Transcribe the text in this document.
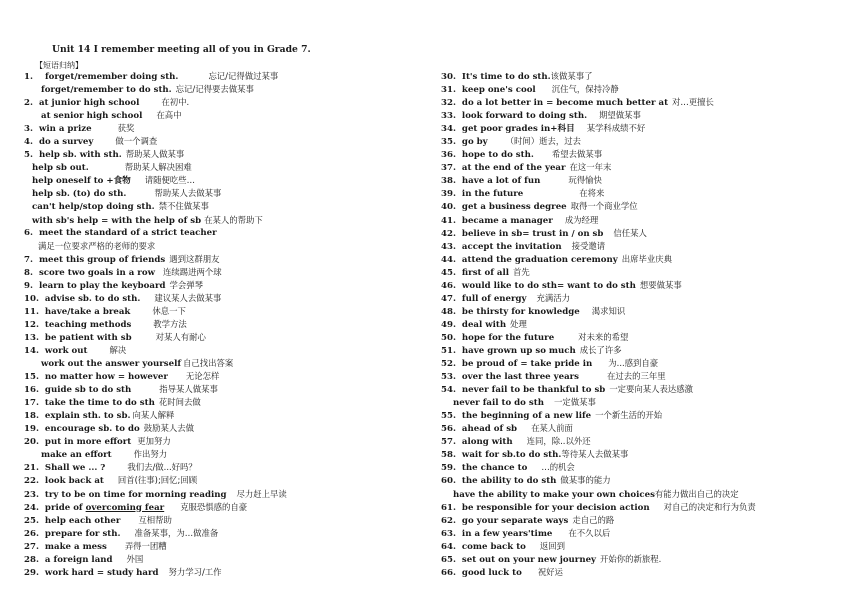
Unit 14 I remember meeting all of you in Grade 7.
【短语归纳】
1.    forget/remember doing sth.	忘记/记得做过某事
forget/remember to do sth. 忘记/记得要去做某事
2.  at junior high school	在初中.
at senior high school 在高中
3.  win a prize	获奖
4.  do a survey	做一个调查
5.  help sb. with sth. 帮助某人做某事
help sb out.	帮助某人解决困难
help oneself to +食物 请随便吃些…
help sb. (to) do sth.	帮助某人去做某事
can't help/stop doing sth. 禁不住做某事
with sb's help = with the help of sb 在某人的帮助下
6.  meet the standard of a strict teacher
满足一位要求严格的老师的要求
7.  meet this group of friends 遇到这群朋友
8.  score two goals in a row 连续踢进两个球
9.  learn to play the keyboard 学会弹琴
10.  advise sb. to do sth. 建议某人去做某事
11.  have/take a break	休息一下
12.  teaching methods	教学方法
13.  be patient with sb	对某人有耐心
14.  work out	解决
work out the answer yourself 自己找出答案
15.  no matter how = however 无论怎样
16.  guide sb to do sth	指导某人做某事
17.  take the time to do sth 花时间去做
18.  explain sth. to sb. 向某人解释
19.  encourage sb. to do 鼓励某人去做
20.  put in more effort 更加努力
make an effort	作出努力
21.  Shall we ... ?	我们去/做...好吗？
22.  look back at 回首(往事);回忆;回顾
23.  try to be on time for morning reading 尽力赶上早读
24.  pride of overcoming fear 克服恐惧感的自豪
25.  help each other 互相帮助
26.  prepare for sth. 准备某事，为…做准备
27.  make a mess 弄得一团糟
28.  a foreign land 外国
29.  work hard = study hard 努力学习/工作
30.  It's time to do sth.该做某事了
31.  keep one's cool 沉住气，保持冷静
32.  do a lot better in = become much better at 对…更擅长
33.  look forward to doing sth. 期望做某事
34.  get poor grades in+科目 某学科成绩不好
35.  go by （时间）逝去，过去
36.  hope to do sth. 希望去做某事
37.  at the end of the year 在这一年末
38.  have a lot of fun	玩得愉快
39.  in the future	在将来
40.  get a business degree 取得一个商业学位
41.  became a manager 成为经理
42.  believe in sb= trust in / on sb 信任某人
43.  accept the invitation 接受邀请
44.  attend the graduation ceremony 出席毕业庆典
45.  first of all 首先
46.  would like to do sth= want to do sth 想要做某事
47.  full of energy 充满活力
48.  be thirsty for knowledge 渴求知识
49.  deal with 处理
50.  hope for the future	对未来的希望
51.  have grown up so much 成长了许多
52.  be proud of = take pride in 为...感到自豪
53.  over the last three years	在过去的三年里
54.  never fail to be thankful to sb 一定要向某人表达感激
never fail to do sth 一定做某事
55.  the beginning of a new life 一个新生活的开始
56.  ahead of sb 在某人前面
57.  along with 连同，除..以外还
58.  wait for sb.to do sth.等待某人去做某事
59.  the chance to …的机会
60.  the ability to do sth 做某事的能力
have the ability to make your own choices有能力做出自己的决定
61.  be responsible for your decision action 对自己的决定和行为负责
62.  go your separate ways 走自己的路
63.  in a few years'time 在不久以后
64.  come back to 返回到
65.  set out on your new journey 开始你的新旅程.
66.  good luck to 祝好运
